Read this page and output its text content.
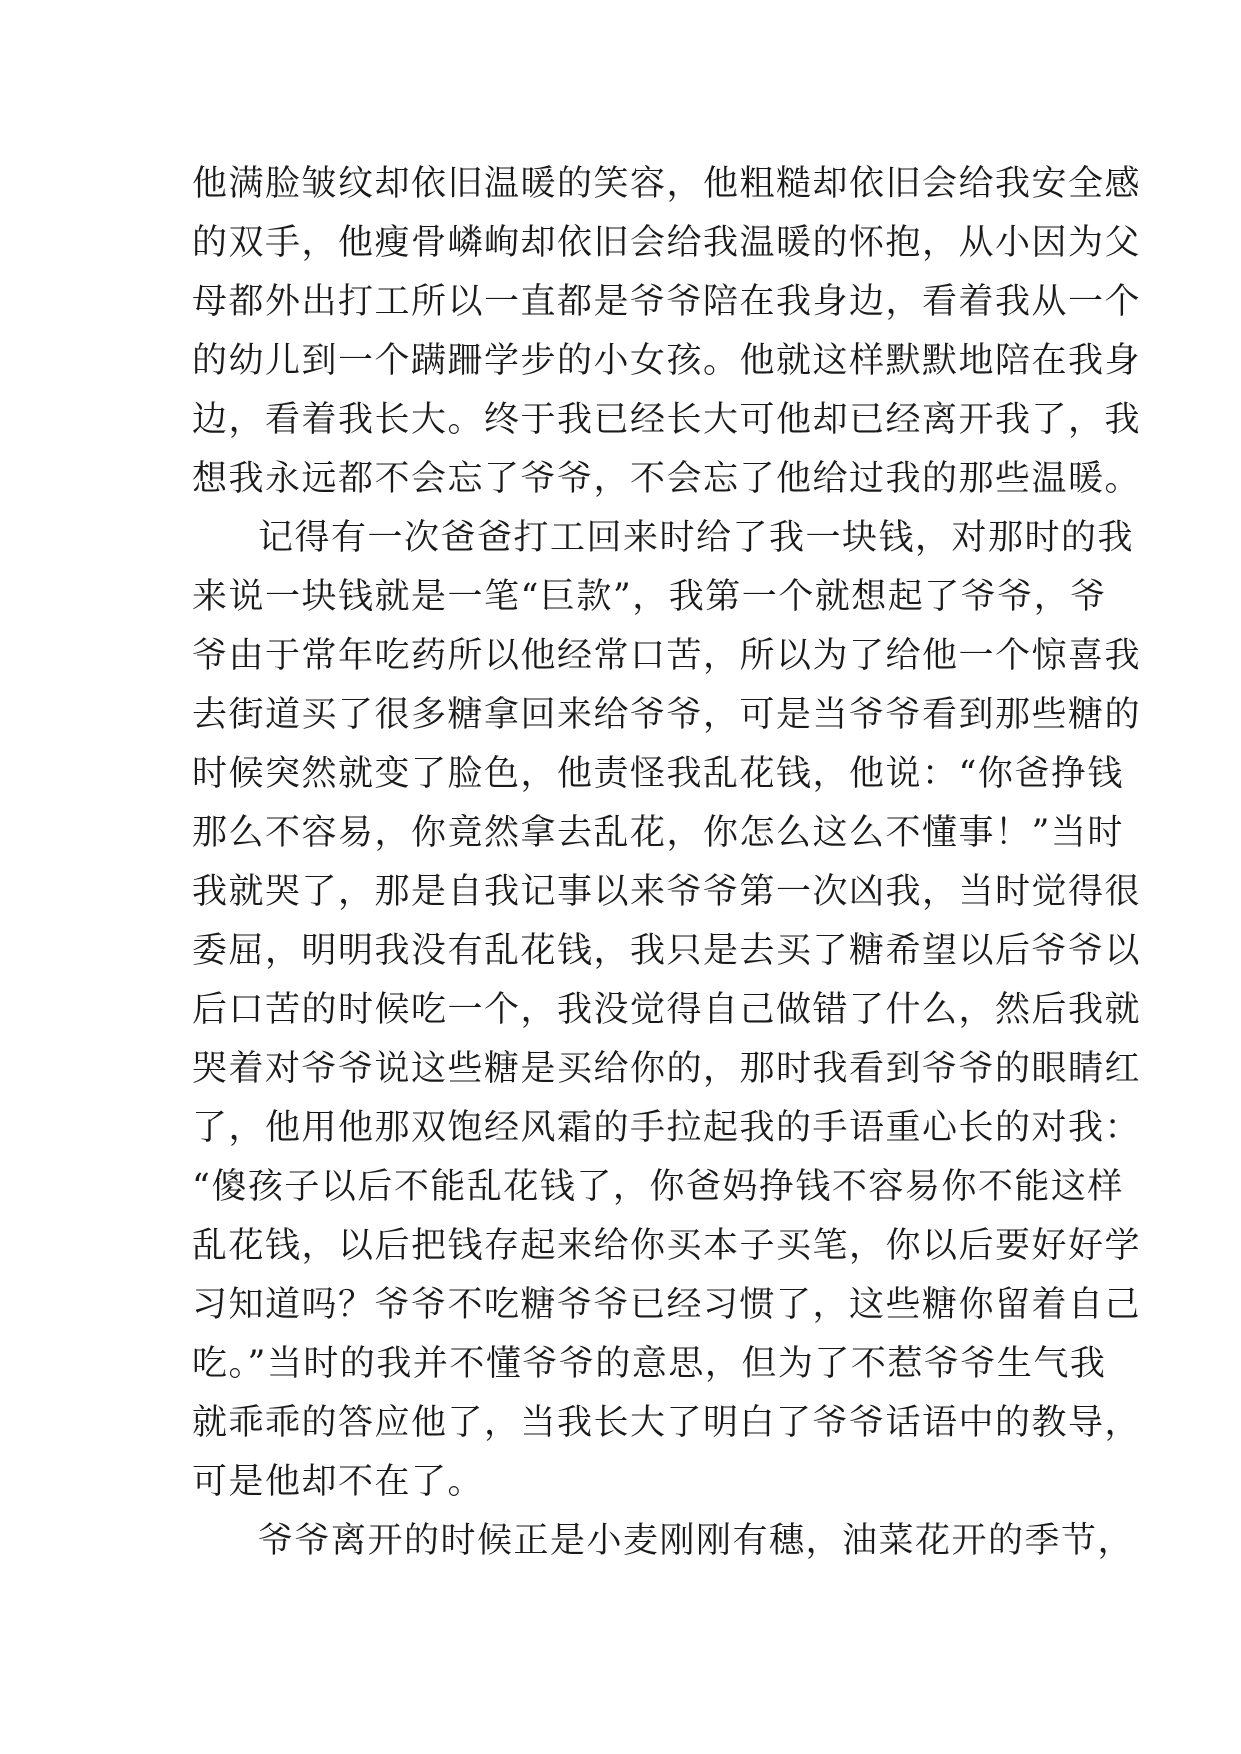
他满脸皱纹却依旧温暖的笑容，他粗糙却依旧会给我安全感
的双手，他瘦骨嶙峋却依旧会给我温暖的怀抱，从小因为父
母都外出打工所以一直都是爷爷陪在我身边，看着我从一个
的幼儿到一个蹒跚学步的小女孩。他就这样默默地陪在我身
边，看着我长大。终于我已经长大可他却已经离开我了，我
想我永远都不会忘了爷爷，不会忘了他给过我的那些温暖。
记得有一次爸爸打工回来时给了我一块钱，对那时的我
来说一块钱就是一笔“巨款”，我第一个就想起了爷爷，爷
爷由于常年吃药所以他经常口苦，所以为了给他一个惊喜我
去街道买了很多糖拿回来给爷爷，可是当爷爷看到那些糖的
时候突然就变了脸色，他责怪我乱花钱，他说：“你爸挣钱
那么不容易，你竟然拿去乱花，你怎么这么不懂事！”当时
我就哭了，那是自我记事以来爷爷第一次凶我，当时觉得很
委屈，明明我没有乱花钱，我只是去买了糖希望以后爷爷以
后口苦的时候吃一个，我没觉得自己做错了什么，然后我就
哭着对爷爷说这些糖是买给你的，那时我看到爷爷的眼睛红
了，他用他那双饱经风霜的手拉起我的手语重心长的对我：
“傻孩子以后不能乱花钱了，你爸妈挣钱不容易你不能这样
乱花钱，以后把钱存起来给你买本子买笔，你以后要好好学
习知道吗？爷爷不吃糖爷爷已经习惯了，这些糖你留着自己
吃。”当时的我并不懂爷爷的意思，但为了不惹爷爷生气我
就乖乖的答应他了，当我长大了明白了爷爷话语中的教导，
可是他却不在了。
爷爷离开的时候正是小麦刚刚有穗，油菜花开的季节，
